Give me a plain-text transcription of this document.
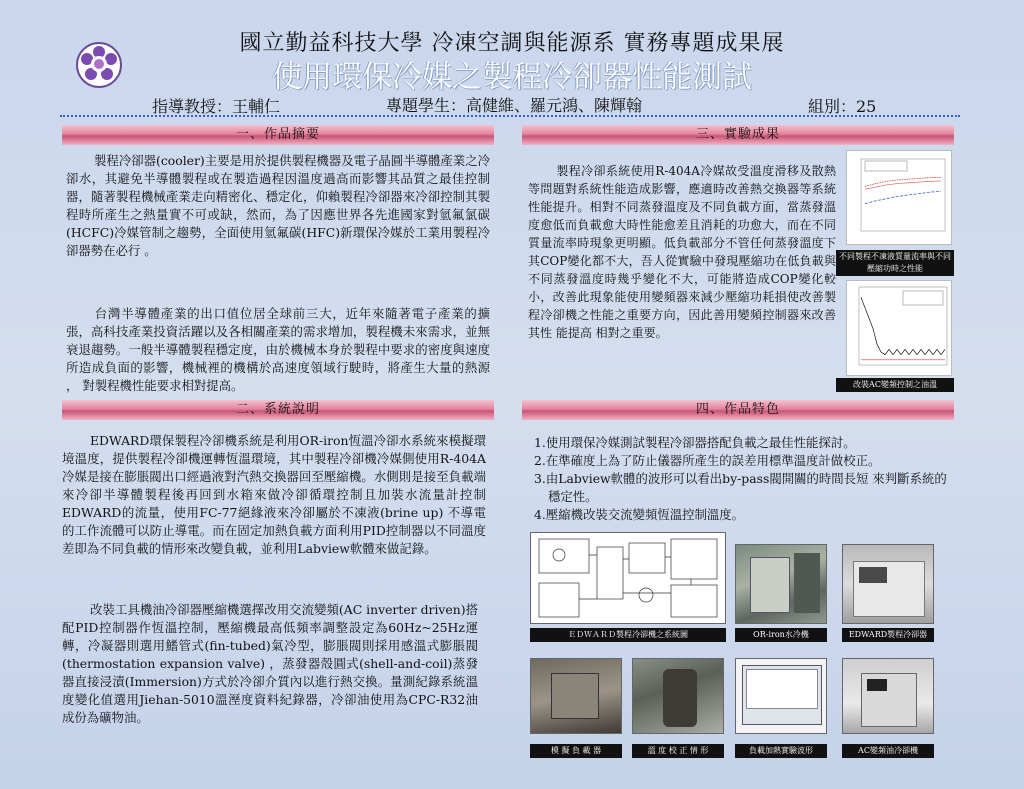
國立勤益科技大學 冷凍空調與能源系 實務專題成果展
使用環保冷媒之製程冷卻器性能測試
指導教授：王輔仁	專題學生：高健維、羅元鴻、陳輝翰	組別：25
一、作品摘要
製程冷卻器(cooler)主要是用於提供製程機器及電子晶圓半導體產業之冷卻水，其避免半導體製程或在製造過程因溫度過高而影響其品質之最佳控制器，隨著製程機械產業走向精密化、穩定化，仰賴製程冷卻器來冷卻控制其製程時所產生之熱量實不可或缺，然而，為了因應世界各先進國家對氫氟氯碳(HCFC)冷媒管制之趨勢，全面使用氫氟碳(HFC)新環保冷媒於工業用製程冷卻器勢在必行 。
台灣半導體產業的出口值位居全球前三大，近年來隨著電子產業的擴張，高科技產業投資活躍以及各相關產業的需求增加，製程機未來需求，並無衰退趨勢。一般半導體製程穩定度，由於機械本身於製程中要求的密度與速度所造成負面的影響，機械裡的機構於高速度領域行駛時，將產生大量的熱源 ， 對製程機性能要求相對提高。
二、系統說明
EDWARD環保製程冷卻機系統是利用OR-iron恆溫冷卻水系統來模擬環境溫度，提供製程冷卻機運轉恆溫環境，其中製程冷卻機冷媒側使用R-404A冷媒是接在膨脹閥出口經過液對汽熱交換器回至壓縮機。水側則是接至負載端來冷卻半導體製程後再回到水箱來做冷卻循環控制且加裝水流量計控制EDWARD的流量，使用FC-77絕緣液來冷卻屬於不凍液(brine up) 不導電的工作流體可以防止導電。而在固定加熱負載方面利用PID控制器以不同溫度差即為不同負載的情形來改變負載，並利用Labview軟體來做記錄。
改裝工具機油冷卻器壓縮機選擇改用交流變頻(AC inverter driven)搭配PID控制器作恆溫控制，壓縮機最高低頻率調整設定為60Hz~25Hz運轉，冷凝器則選用鰭管式(fin-tubed)氣冷型，膨脹閥則採用感溫式膨脹閥(thermostation expansion valve) ，蒸發器殼圓式(shell-and-coil)蒸發器直接浸漬(Immersion)方式於冷卻介質內以進行熱交換。量測紀錄系統溫度變化值選用Jiehan-5010溫溼度資料紀錄器，冷卻油使用為CPC-R32油成份為礦物油。
三、實驗成果
製程冷卻系統使用R-404A冷媒故受溫度滑移及散熱等問題對系統性能造成影響，應適時改善熱交換器等系統性能提升。相對不同蒸發溫度及不同負載方面，當蒸發溫度愈低而負載愈大時性能愈差且消耗的功愈大，而在不同質量流率時現象更明顯。低負載部分不管任何蒸發溫度下其COP變化都不大，吾人從實驗中發現壓縮功在低負載與不同蒸發溫度時幾乎變化不大，可能將造成COP變化較小，改善此現象能使用變頻器來減少壓縮功耗損使改善製程冷卻機之性能之重要方向，因此善用變頻控制器來改善其性 能提高 相對之重要。
不同製程不凍液質量流率與不同壓縮功時之性能
改裝AC變頻控制之油溫
四、作品特色
1.使用環保冷媒測試製程冷卻器搭配負載之最佳性能探討。
2.在準確度上為了防止儀器所產生的誤差用標準溫度計做校正。
3.由Labview軟體的波形可以看出by-pass閥開關的時間長短 來判斷系統的穩定性。
4.壓縮機改裝交流變頻恆溫控制溫度。
·
ＥＤＷＡＲＤ製程冷卻機之系統圖	OR-iron水冷機	EDWARD製程冷卻器
模 擬 負 載 器	溫 度 校 正 情 形	負載加熱實驗波形	AC變頻油冷卻機
